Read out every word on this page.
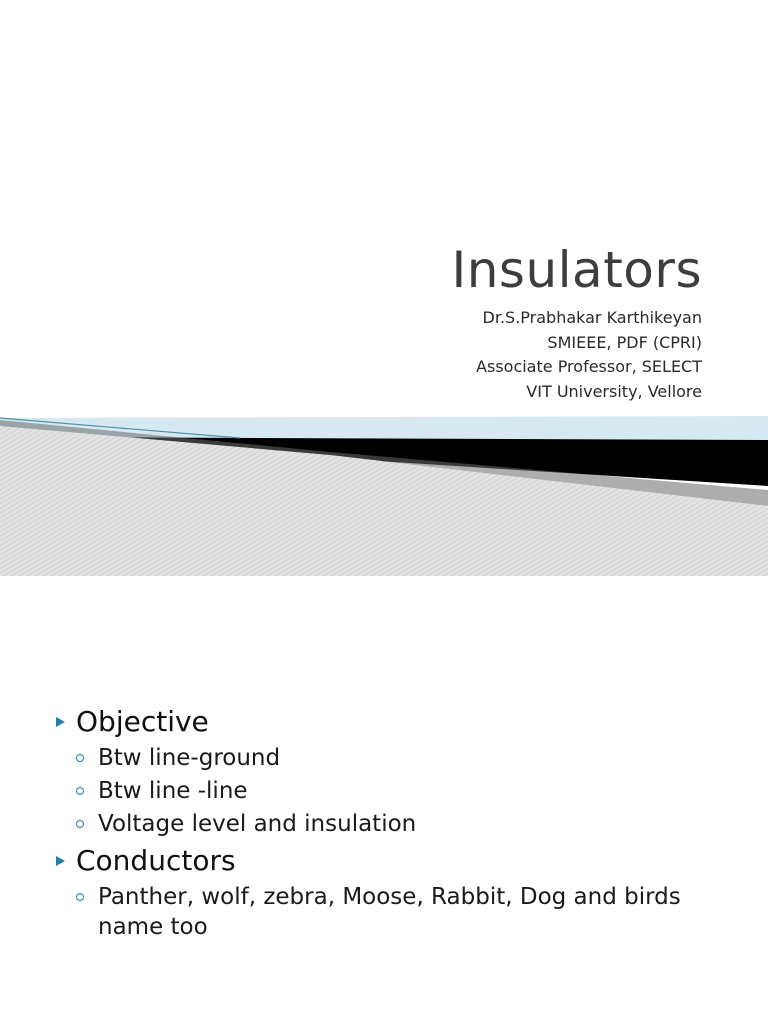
Insulators
Dr.S.Prabhakar Karthikeyan
SMIEEE, PDF (CPRI)
Associate Professor, SELECT
VIT University, Vellore
Objective
Btw line-ground
Btw line -line
Voltage level and insulation
Conductors
Panther, wolf, zebra, Moose, Rabbit, Dog and birds name too
